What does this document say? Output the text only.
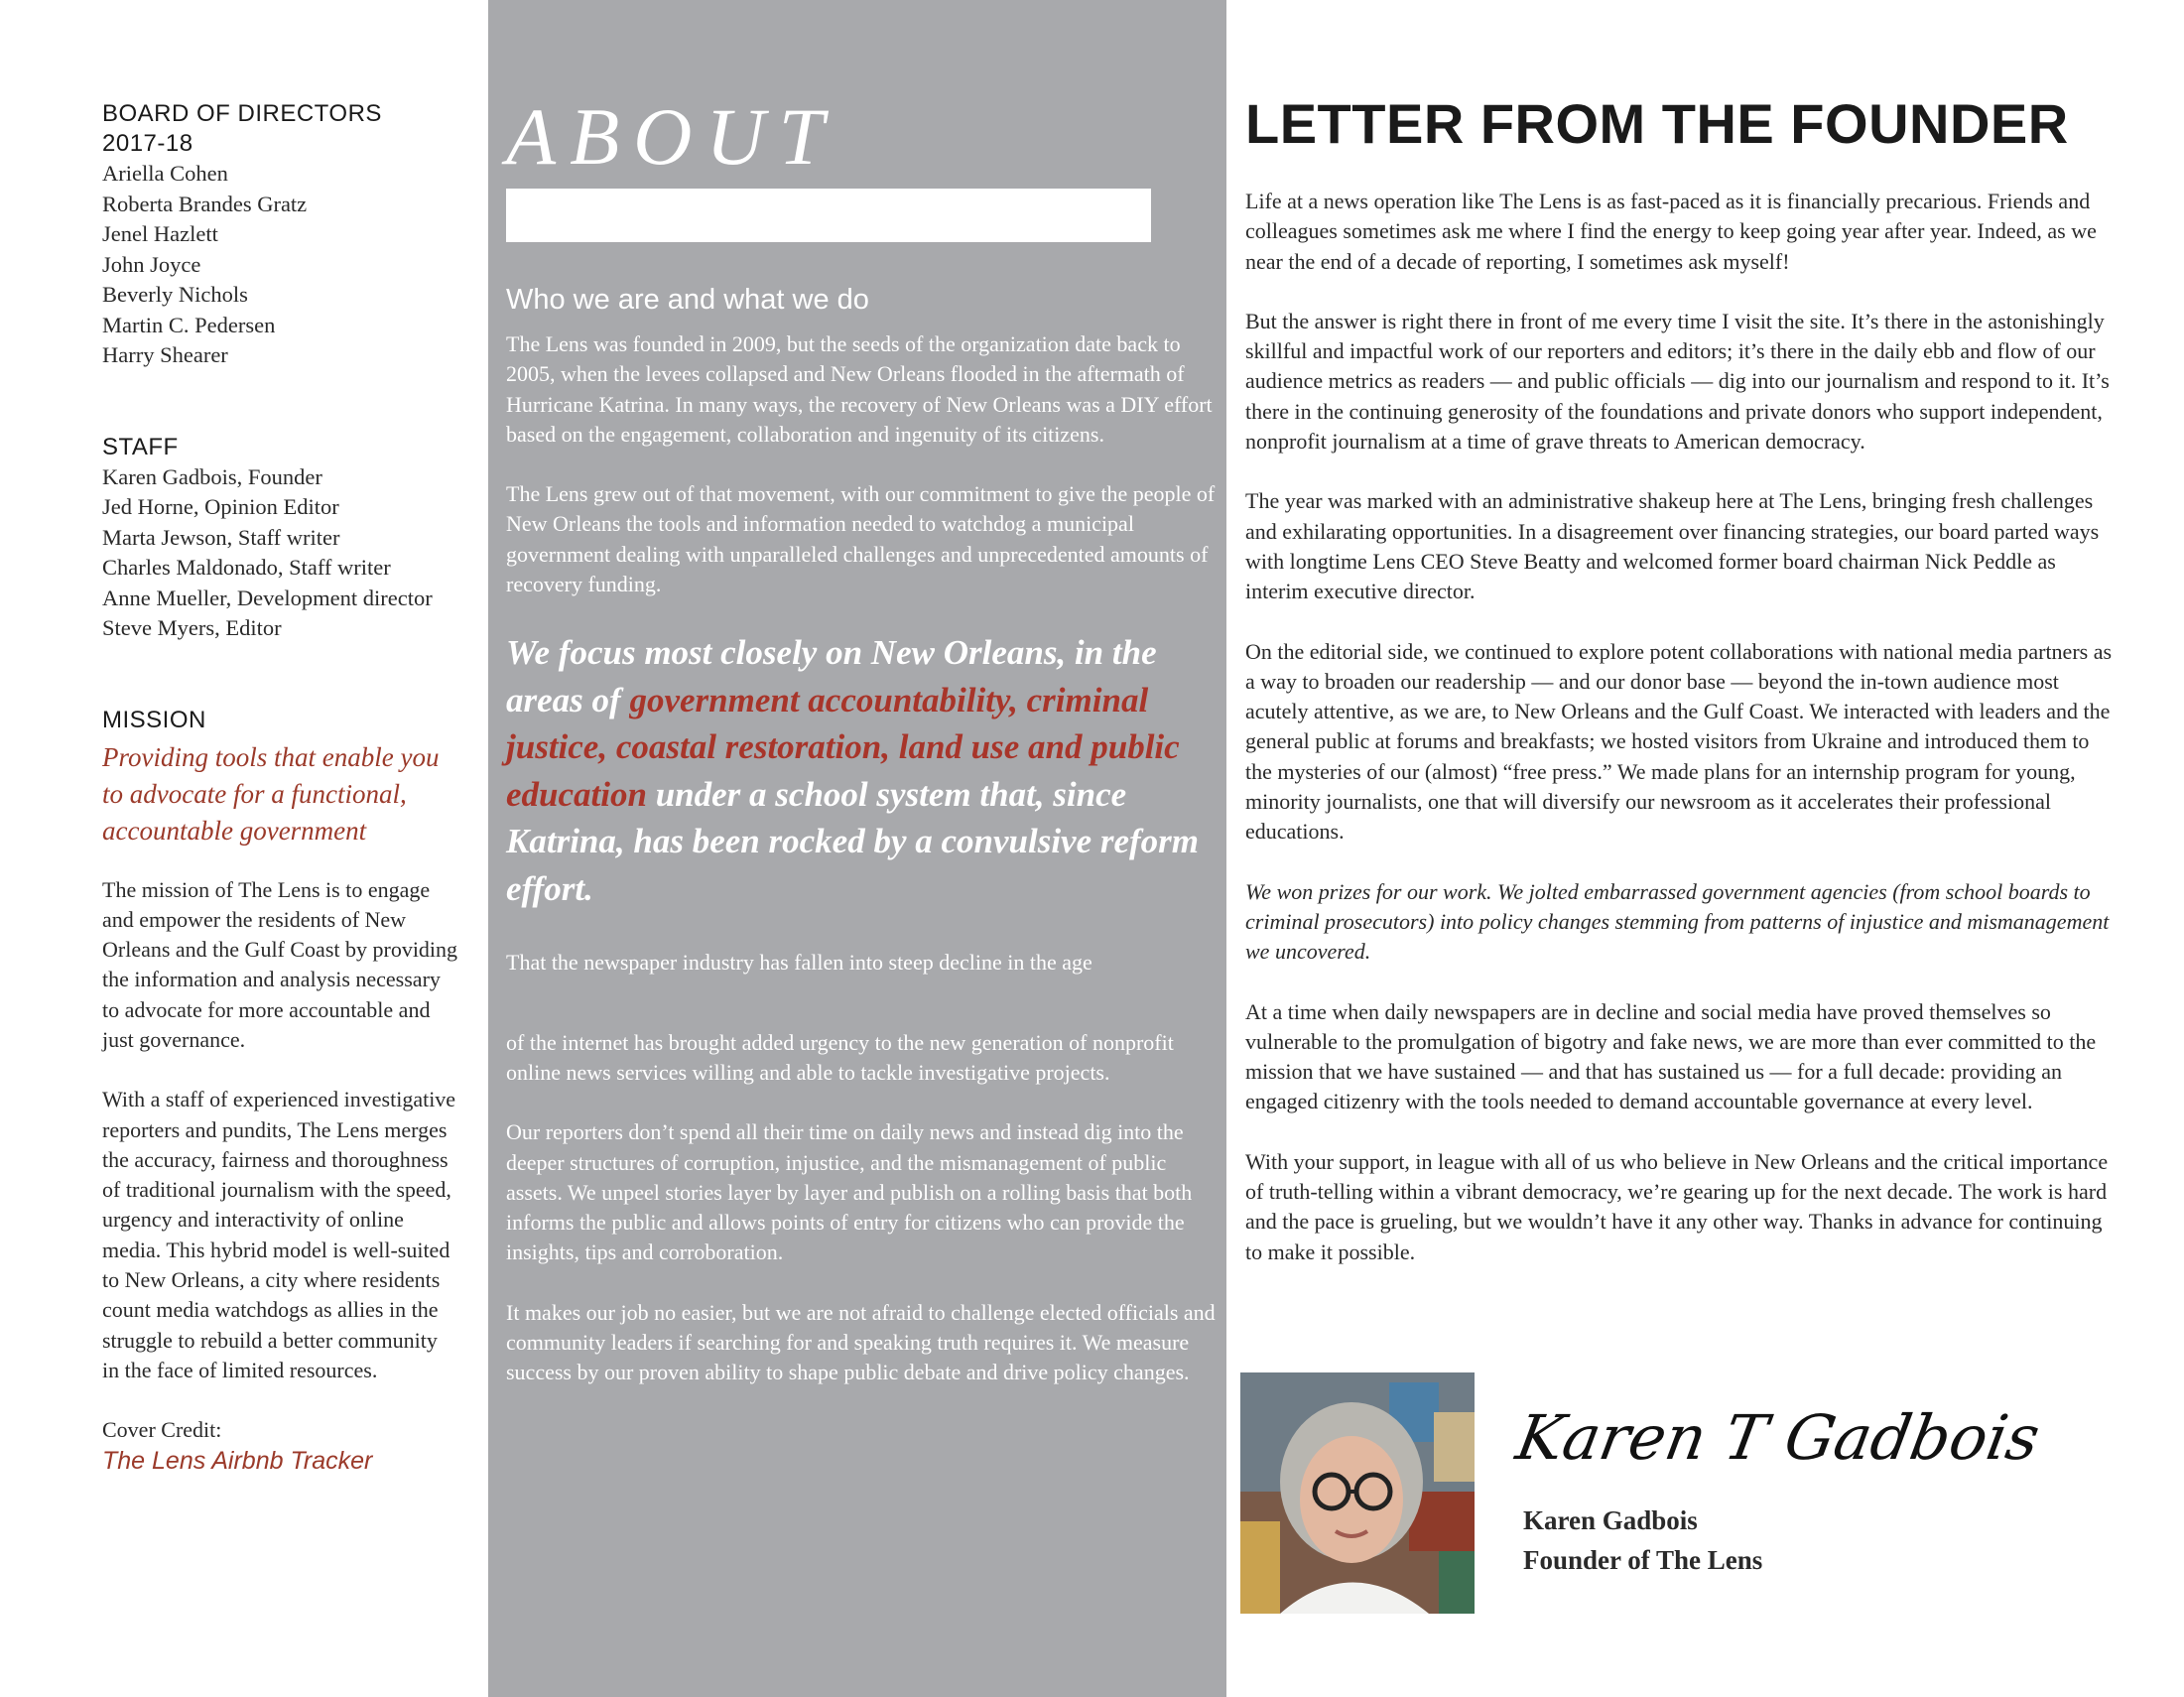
BOARD OF DIRECTORS

2017-18

Ariella Cohen
Roberta Brandes Gratz
Jenel Hazlett
John Joyce
Beverly Nichols
Martin C. Pedersen
Harry Shearer

STAFF

Karen Gadbois, Founder
Jed Horne, Opinion Editor
Marta Jewson, Staff writer
Charles Maldonado, Staff writer
Anne Mueller, Development director
Steve Myers, Editor

MISSION

Providing tools that enable you to advocate for a functional, accountable government

The mission of The Lens is to engage and empower the residents of New Orleans and the Gulf Coast by providing the information and analysis necessary to advocate for more accountable and just governance.

With a staff of experienced investigative reporters and pundits, The Lens merges the accuracy, fairness and thoroughness of traditional journalism with the speed, urgency and interactivity of online media. This hybrid model is well-suited to New Orleans, a city where residents count media watchdogs as allies in the struggle to rebuild a better community in the face of limited resources.

Cover Credit:

The Lens Airbnb Tracker

ABOUT

Who we are and what we do

The Lens was founded in 2009, but the seeds of the organization date back to 2005, when the levees collapsed and New Orleans flooded in the aftermath of Hurricane Katrina. In many ways, the recovery of New Orleans was a DIY effort based on the engagement, collaboration and ingenuity of its citizens.

The Lens grew out of that movement, with our commitment to give the people of New Orleans the tools and information needed to watchdog a municipal government dealing with unparalleled challenges and unprecedented amounts of recovery funding.

We focus most closely on New Orleans, in the areas of government accountability, criminal justice, coastal restoration, land use and public education under a school system that, since Katrina, has been rocked by a convulsive reform effort.

That the newspaper industry has fallen into steep decline in the age

of the internet has brought added urgency to the new generation of nonprofit online news services willing and able to tackle investigative projects.

Our reporters don’t spend all their time on daily news and instead dig into the deeper structures of corruption, injustice, and the mismanagement of public assets. We unpeel stories layer by layer and publish on a rolling basis that both informs the public and allows points of entry for citizens who can provide the insights, tips and corroboration.

It makes our job no easier, but we are not afraid to challenge elected officials and community leaders if searching for and speaking truth requires it. We measure success by our proven ability to shape public debate and drive policy changes.

LETTER FROM THE FOUNDER

Life at a news operation like The Lens is as fast-paced as it is financially precarious. Friends and colleagues sometimes ask me where I find the energy to keep going year after year. Indeed, as we near the end of a decade of reporting, I sometimes ask myself!

But the answer is right there in front of me every time I visit the site. It’s there in the astonishingly skillful and impactful work of our reporters and editors; it’s there in the daily ebb and flow of our audience metrics as readers — and public officials — dig into our journalism and respond to it. It’s there in the continuing generosity of the foundations and private donors who support independent, nonprofit journalism at a time of grave threats to American democracy.

The year was marked with an administrative shakeup here at The Lens, bringing fresh challenges and exhilarating opportunities. In a disagreement over financing strategies, our board parted ways with longtime Lens CEO Steve Beatty and welcomed former board chairman Nick Peddle as interim executive director.

On the editorial side, we continued to explore potent collaborations with national media partners as a way to broaden our readership — and our donor base — beyond the in-town audience most acutely attentive, as we are, to New Orleans and the Gulf Coast. We interacted with leaders and the general public at forums and breakfasts; we hosted visitors from Ukraine and introduced them to the mysteries of our (almost) “free press.” We made plans for an internship program for young, minority journalists, one that will diversify our newsroom as it accelerates their professional educations.

We won prizes for our work. We jolted embarrassed government agencies (from school boards to criminal prosecutors) into policy changes stemming from patterns of injustice and mismanagement we uncovered.

At a time when daily newspapers are in decline and social media have proved themselves so vulnerable to the promulgation of bigotry and fake news, we are more than ever committed to the mission that we have sustained — and that has sustained us — for a full decade: providing an engaged citizenry with the tools needed to demand accountable governance at every level.

With your support, in league with all of us who believe in New Orleans and the critical importance of truth-telling within a vibrant democracy, we’re gearing up for the next decade. The work is hard and the pace is grueling, but we wouldn’t have it any other way. Thanks in advance for continuing to make it possible.

Karen T Gadbois
Karen Gadbois
Founder of The Lens
